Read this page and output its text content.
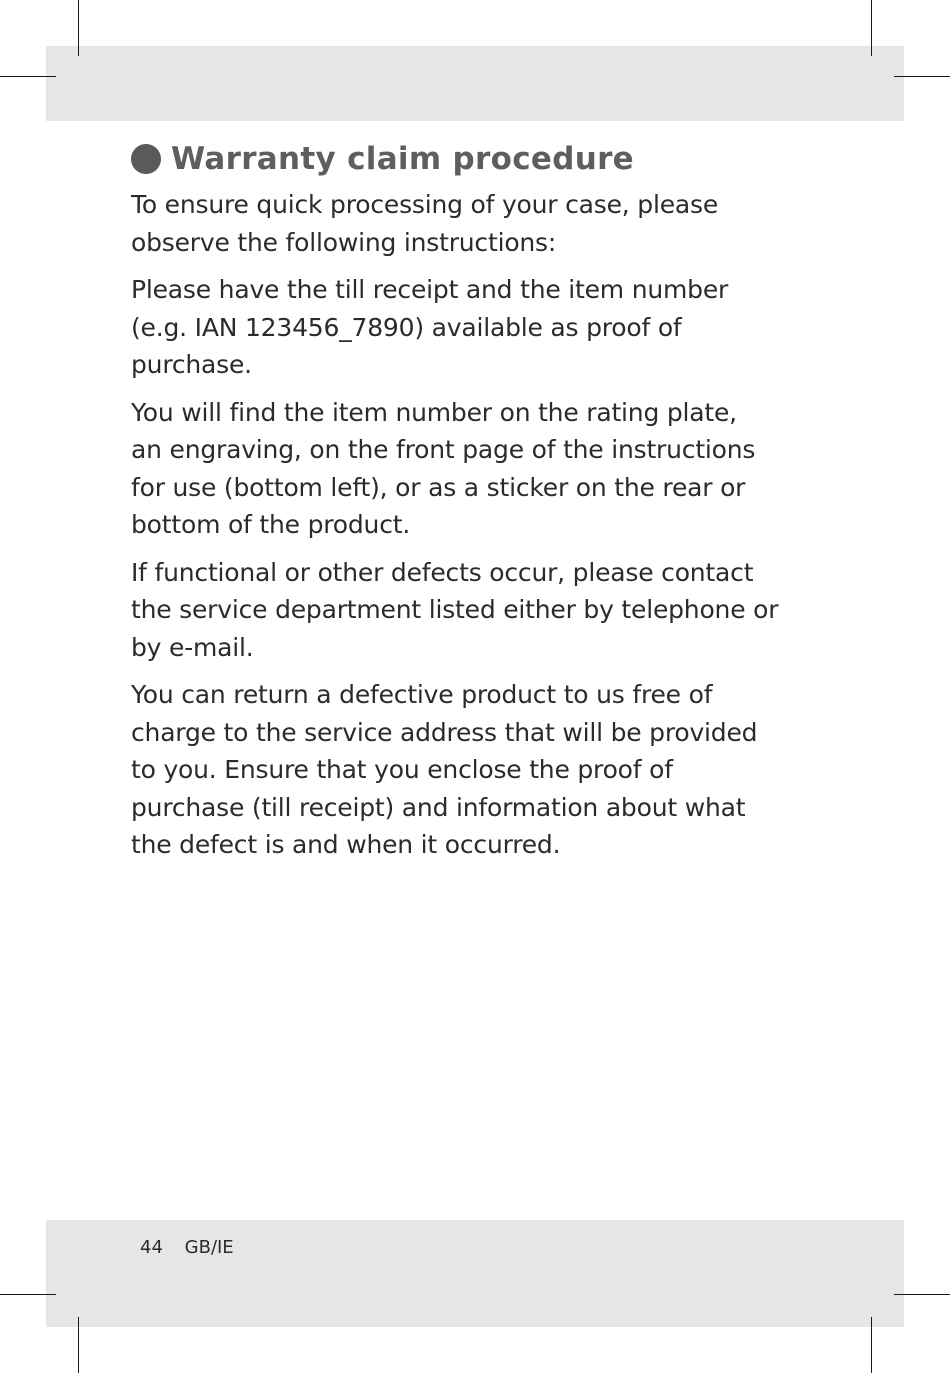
Warranty claim procedure
To ensure quick processing of your case, please
observe the following instructions:
Please have the till receipt and the item number
(e.g. IAN 123456_7890) available as proof of
purchase.
You will find the item number on the rating plate,
an engraving, on the front page of the instructions
for use (bottom left), or as a sticker on the rear or
bottom of the product.
If functional or other defects occur, please contact
the service department listed either by telephone or
by e-mail.
You can return a defective product to us free of
charge to the service address that will be provided
to you. Ensure that you enclose the proof of
purchase (till receipt) and information about what
the defect is and when it occurred.
44 GB/IE
